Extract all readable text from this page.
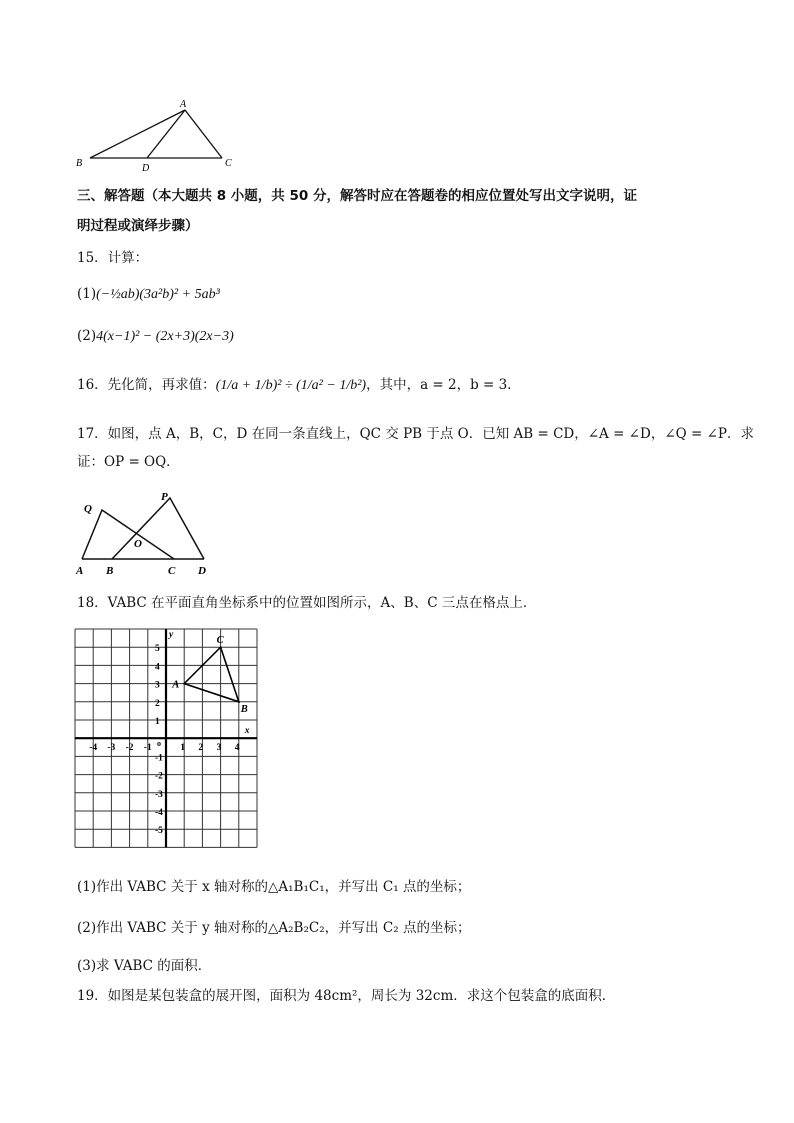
A
B	D	C
三、解答题（本大题共 8 小题，共 50 分，解答时应在答题卷的相应位置处写出文字说明，证
明过程或演绎步骤）
15．计算：
(1)(−½ab)(3a²b)² + 5ab³
(2)4(x−1)² − (2x+3)(2x−3)
16．先化简，再求值：(1/a + 1/b)² ÷ (1/a² − 1/b²)，其中，a = 2，b = 3．
17．如图，点 A，B，C，D 在同一条直线上，QC 交 PB 于点 O．已知 AB = CD，∠A = ∠D，∠Q = ∠P．求
证：OP = OQ．
Q
P
O
A B	C D
18．VABC 在平面直角坐标系中的位置如图所示，A、B、C 三点在格点上．
-4 -3 -2 -1	1 2 3 4
5
4
3
2
1
-1
-2
-3
-4
-5
o
x
y
A
B
C
(1)作出 VABC 关于 x 轴对称的△A₁B₁C₁，并写出 C₁ 点的坐标；
(2)作出 VABC 关于 y 轴对称的△A₂B₂C₂，并写出 C₂ 点的坐标；
(3)求 VABC 的面积．
19．如图是某包装盒的展开图，面积为 48cm²，周长为 32cm．求这个包装盒的底面积．
